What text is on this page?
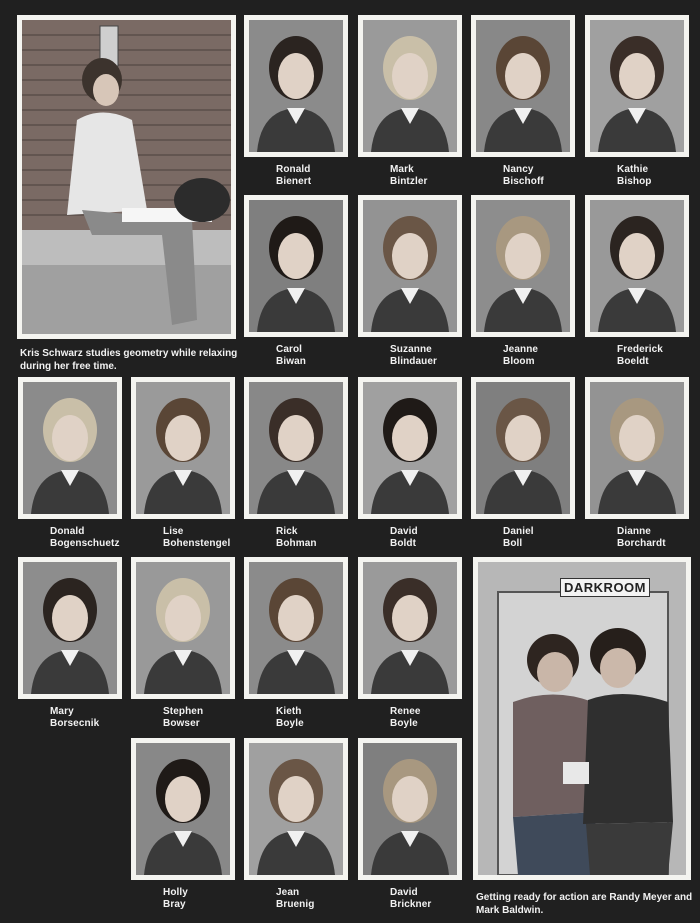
Kris Schwarz studies geometry while relaxing during her free time.
Ronald
Bienert
Mark
Bintzler
Nancy
Bischoff
Kathie
Bishop
Carol
Biwan
Suzanne
Blindauer
Jeanne
Bloom
Frederick
Boeldt
Donald
Bogenschuetz
Lise
Bohenstengel
Rick
Bohman
David
Boldt
Daniel
Boll
Dianne
Borchardt
Mary
Borsecnik
Stephen
Bowser
Kieth
Boyle
Renee
Boyle
Holly
Bray
Jean
Bruenig
David
Brickner
DARKROOM
Getting ready for action are Randy Meyer and Mark Baldwin.
